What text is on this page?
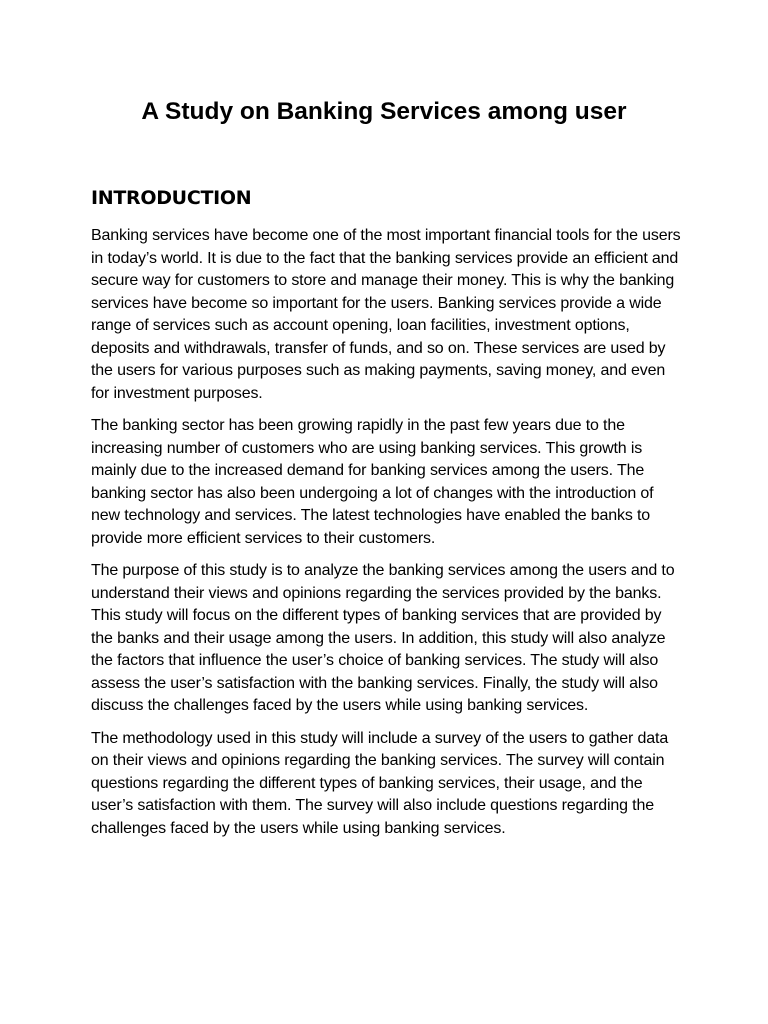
A Study on Banking Services among user
INTRODUCTION

Banking services have become one of the most important financial tools for the users in today’s world. It is due to the fact that the banking services provide an efficient and secure way for customers to store and manage their money. This is why the banking services have become so important for the users. Banking services provide a wide range of services such as account opening, loan facilities, investment options, deposits and withdrawals, transfer of funds, and so on. These services are used by the users for various purposes such as making payments, saving money, and even for investment purposes.

The banking sector has been growing rapidly in the past few years due to the increasing number of customers who are using banking services. This growth is mainly due to the increased demand for banking services among the users. The banking sector has also been undergoing a lot of changes with the introduction of new technology and services. The latest technologies have enabled the banks to provide more efficient services to their customers.

The purpose of this study is to analyze the banking services among the users and to understand their views and opinions regarding the services provided by the banks. This study will focus on the different types of banking services that are provided by the banks and their usage among the users. In addition, this study will also analyze the factors that influence the user’s choice of banking services. The study will also assess the user’s satisfaction with the banking services. Finally, the study will also discuss the challenges faced by the users while using banking services.

The methodology used in this study will include a survey of the users to gather data on their views and opinions regarding the banking services. The survey will contain questions regarding the different types of banking services, their usage, and the user’s satisfaction with them. The survey will also include questions regarding the challenges faced by the users while using banking services.
